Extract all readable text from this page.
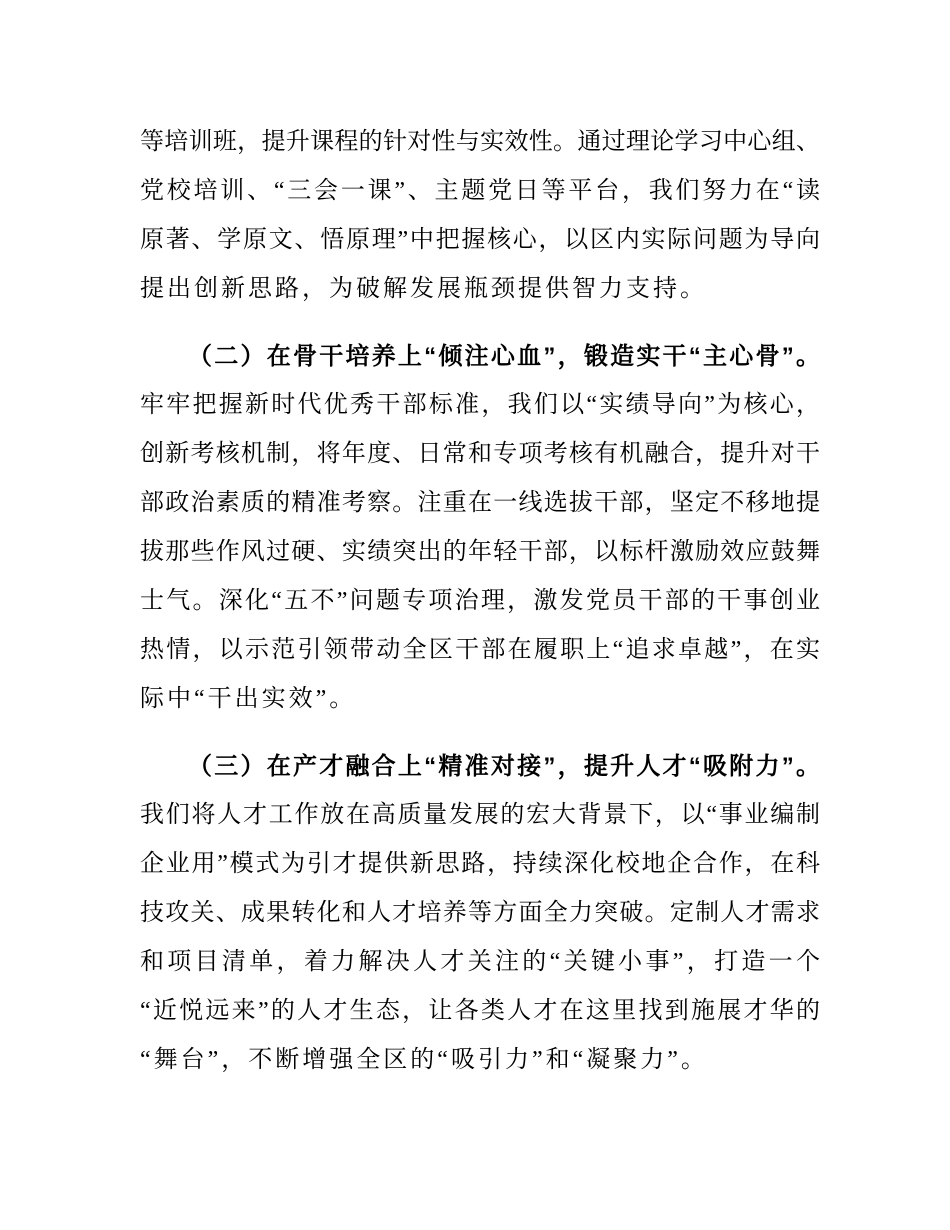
等培训班，提升课程的针对性与实效性。通过理论学习中心组、
党校培训、“三会一课”、主题党日等平台，我们努力在“读
原著、学原文、悟原理”中把握核心，以区内实际问题为导向
提出创新思路，为破解发展瓶颈提供智力支持。
（二）在骨干培养上“倾注心血”，锻造实干“主心骨”。
牢牢把握新时代优秀干部标准，我们以“实绩导向”为核心，
创新考核机制，将年度、日常和专项考核有机融合，提升对干
部政治素质的精准考察。注重在一线选拔干部，坚定不移地提
拔那些作风过硬、实绩突出的年轻干部，以标杆激励效应鼓舞
士气。深化“五不”问题专项治理，激发党员干部的干事创业
热情，以示范引领带动全区干部在履职上“追求卓越”，在实
际中“干出实效”。
（三）在产才融合上“精准对接”，提升人才“吸附力”。
我们将人才工作放在高质量发展的宏大背景下，以“事业编制
企业用”模式为引才提供新思路，持续深化校地企合作，在科
技攻关、成果转化和人才培养等方面全力突破。定制人才需求
和项目清单，着力解决人才关注的“关键小事”，打造一个
“近悦远来”的人才生态，让各类人才在这里找到施展才华的
“舞台”，不断增强全区的“吸引力”和“凝聚力”。
